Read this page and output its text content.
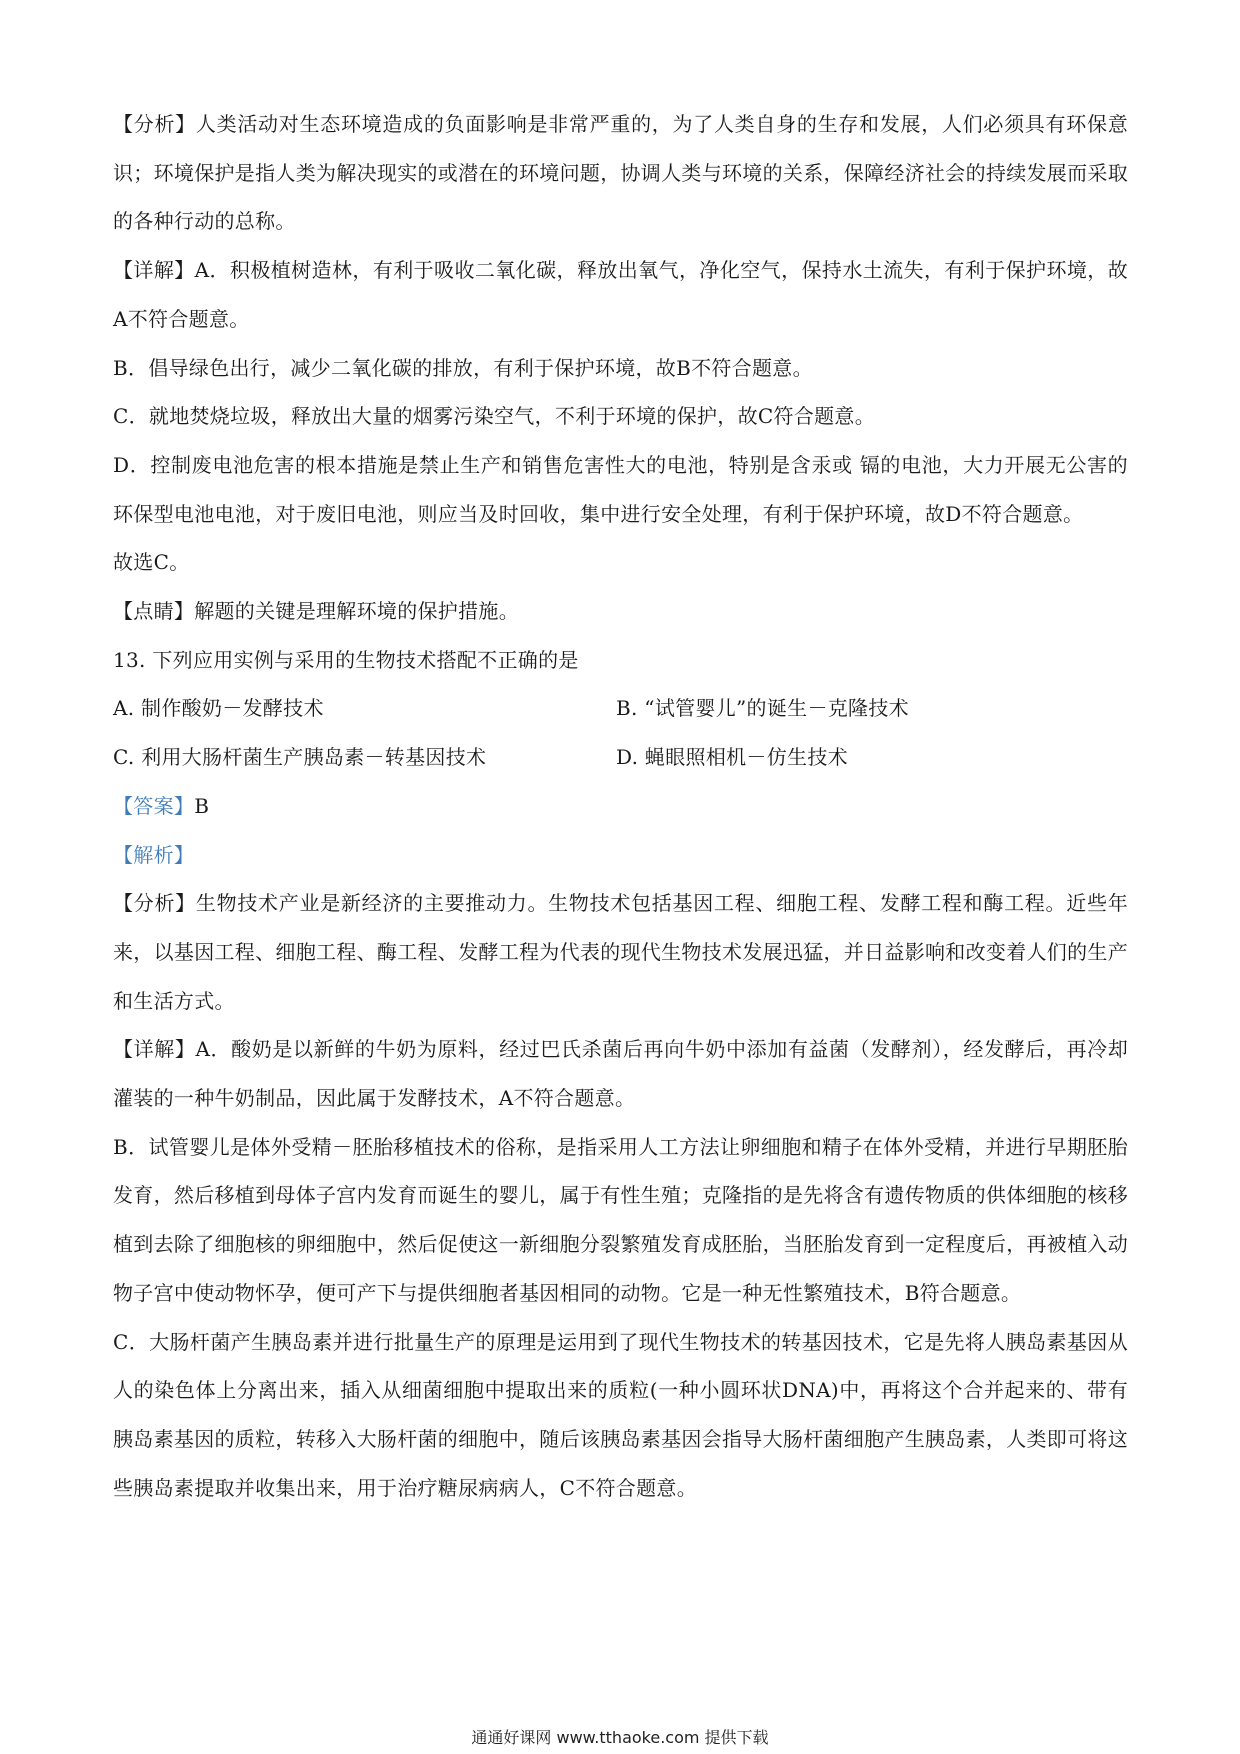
【分析】人类活动对生态环境造成的负面影响是非常严重的，为了人类自身的生存和发展，人们必须具有环保意识；环境保护是指人类为解决现实的或潜在的环境问题，协调人类与环境的关系，保障经济社会的持续发展而采取的各种行动的总称。

【详解】A．积极植树造林，有利于吸收二氧化碳，释放出氧气，净化空气，保持水土流失，有利于保护环境，故A不符合题意。

B．倡导绿色出行，减少二氧化碳的排放，有利于保护环境，故B不符合题意。

C．就地焚烧垃圾，释放出大量的烟雾污染空气，不利于环境的保护，故C符合题意。

D．控制废电池危害的根本措施是禁止生产和销售危害性大的电池，特别是含汞或 镉的电池，大力开展无公害的环保型电池电池，对于废旧电池，则应当及时回收，集中进行安全处理，有利于保护环境，故D不符合题意。

故选C。

【点睛】解题的关键是理解环境的保护措施。

13. 下列应用实例与采用的生物技术搭配不正确的是

A. 制作酸奶－发酵技术	B. “试管婴儿”的诞生－克隆技术

C. 利用大肠杆菌生产胰岛素－转基因技术	D. 蝇眼照相机－仿生技术

【答案】B

【解析】

【分析】生物技术产业是新经济的主要推动力。生物技术包括基因工程、细胞工程、发酵工程和酶工程。近些年来，以基因工程、细胞工程、酶工程、发酵工程为代表的现代生物技术发展迅猛，并日益影响和改变着人们的生产和生活方式。

【详解】A．酸奶是以新鲜的牛奶为原料，经过巴氏杀菌后再向牛奶中添加有益菌（发酵剂），经发酵后，再冷却灌装的一种牛奶制品，因此属于发酵技术，A不符合题意。

B．试管婴儿是体外受精－胚胎移植技术的俗称，是指采用人工方法让卵细胞和精子在体外受精，并进行早期胚胎发育，然后移植到母体子宫内发育而诞生的婴儿，属于有性生殖；克隆指的是先将含有遗传物质的供体细胞的核移植到去除了细胞核的卵细胞中，然后促使这一新细胞分裂繁殖发育成胚胎，当胚胎发育到一定程度后，再被植入动物子宫中使动物怀孕，便可产下与提供细胞者基因相同的动物。它是一种无性繁殖技术，B符合题意。

C．大肠杆菌产生胰岛素并进行批量生产的原理是运用到了现代生物技术的转基因技术，它是先将人胰岛素基因从人的染色体上分离出来，插入从细菌细胞中提取出来的质粒(一种小圆环状DNA)中，再将这个合并起来的、带有胰岛素基因的质粒，转移入大肠杆菌的细胞中，随后该胰岛素基因会指导大肠杆菌细胞产生胰岛素，人类即可将这些胰岛素提取并收集出来，用于治疗糖尿病病人，C不符合题意。

通通好课网 www.tthaoke.com 提供下载
